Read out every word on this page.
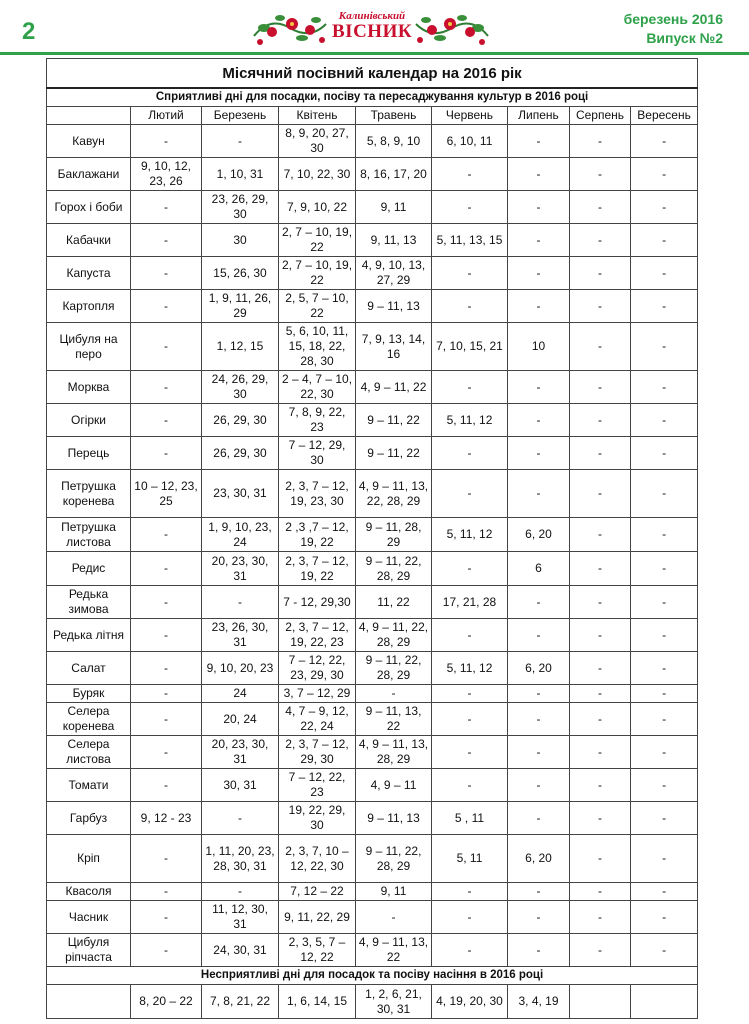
2
Калинівський
ВІСНИК
березень 2016
Випуск №2
Місячний посівний календар на 2016 рік								
Сприятливі дні для посадки, посіву та пересаджування культур в 2016 році								
	Лютий	Березень	Квітень	Травень	Червень	Липень	Серпень	Вересень
Кавун	-	-	8, 9, 20, 27, 30	5, 8, 9, 10	6, 10, 11	-	-	-
Баклажани	9, 10, 12, 23, 26	1, 10, 31	7, 10, 22, 30	8, 16, 17, 20	-	-	-	-
Горох і боби	-	23, 26, 29, 30	7, 9, 10, 22	9, 11	-	-	-	-
Кабачки	-	30	2, 7 – 10, 19, 22	9, 11, 13	5, 11, 13, 15	-	-	-
Капуста	-	15, 26, 30	2, 7 – 10, 19, 22	4, 9, 10, 13, 27, 29	-	-	-	-
Картопля	-	1, 9, 11, 26, 29	2, 5, 7 – 10, 22	9 – 11, 13	-	-	-	-
Цибуля на перо	-	1, 12, 15	5, 6, 10, 11, 15, 18, 22, 28, 30	7, 9, 13, 14, 16	7, 10, 15, 21	10	-	-
Морква	-	24, 26, 29, 30	2 – 4, 7 – 10, 22, 30	4, 9 – 11, 22	-	-	-	-
Огірки	-	26, 29, 30	7, 8, 9, 22, 23	9 – 11, 22	5, 11, 12	-	-	-
Перець	-	26, 29, 30	7 – 12, 29, 30	9 – 11, 22	-	-	-	-
Петрушка коренева	10 – 12, 23, 25	23, 30, 31	2, 3, 7 – 12, 19, 23, 30	4, 9 – 11, 13, 22, 28, 29	-	-	-	-
Петрушка листова	-	1, 9, 10, 23, 24	2 ,3 ,7 – 12, 19, 22	9 – 11, 28, 29	5, 11, 12	6, 20	-	-
Редис	-	20, 23, 30, 31	2, 3, 7 – 12, 19, 22	9 – 11, 22, 28, 29	-	6	-	-
Редька зимова	-	-	7 - 12, 29,30	11, 22	17, 21, 28	-	-	-
Редька літня	-	23, 26, 30, 31	2, 3, 7 – 12, 19, 22, 23	4, 9 – 11, 22, 28, 29	-	-	-	-
Салат	-	9, 10, 20, 23	7 – 12, 22, 23, 29, 30	9 – 11, 22, 28, 29	5, 11, 12	6, 20	-	-
Буряк	-	24	3, 7 – 12, 29	-	-	-	-	-
Селера коренева	-	20, 24	4, 7 – 9, 12, 22, 24	9 – 11, 13, 22	-	-	-	-
Селера листова	-	20, 23, 30, 31	2, 3, 7 – 12, 29, 30	4, 9 – 11, 13, 28, 29	-	-	-	-
Томати	-	30, 31	7 – 12, 22, 23	4, 9 – 11	-	-	-	-
Гарбуз	9, 12 - 23	-	19, 22, 29, 30	9 – 11, 13	5 , 11	-	-	-
Кріп	-	1, 11, 20, 23, 28, 30, 31	2, 3, 7, 10 – 12, 22, 30	9 – 11, 22, 28, 29	5, 11	6, 20	-	-
Квасоля	-	-	7, 12 – 22	9, 11	-	-	-	-
Часник	-	11, 12, 30, 31	9, 11, 22, 29	-	-	-	-	-
Цибуля ріпчаста	-	24, 30, 31	2, 3, 5, 7 – 12, 22	4, 9 – 11, 13, 22	-	-	-	-
Несприятливі дні для посадок та посіву насіння в 2016 році								
	8, 20 – 22	7, 8, 21, 22	1, 6, 14, 15	1, 2, 6, 21, 30, 31	4, 19, 20, 30	3, 4, 19		
